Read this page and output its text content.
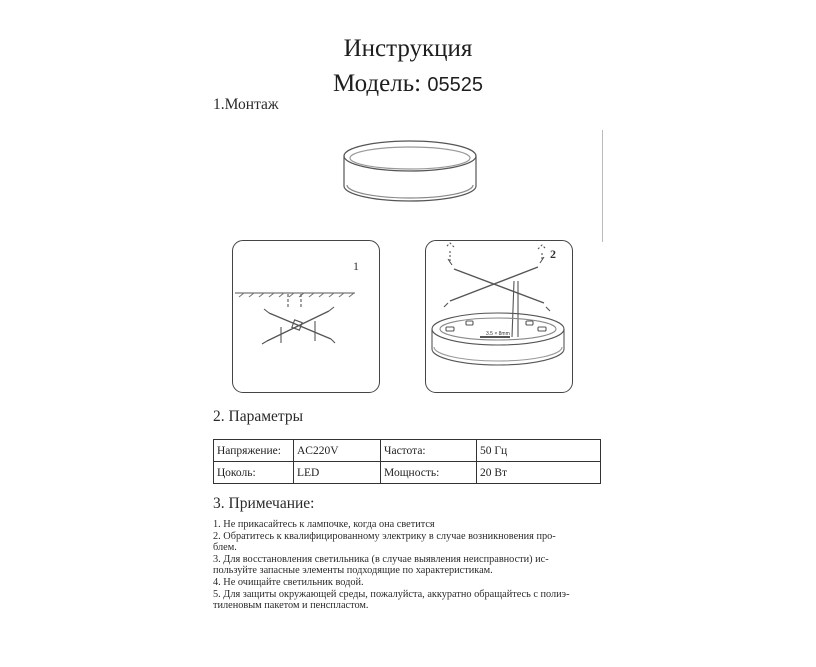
Инструкция
Модель: 05525
1.Монтаж
1
2
3.5 × 8mm
2. Параметры
Напряжение:	AC220V	Частота:	50 Гц
Цоколь:	LED	Мощность:	20 Вт
3. Примечание:
1. Не прикасайтесь к лампочке, когда она светится
2. Обратитесь к квалифицированному электрику в случае возникновения про-
блем.
3. Для восстановления светильника (в случае выявления неисправности) ис-
пользуйте запасные элементы подходящие по характеристикам.
4. Не очищайте светильник водой.
5. Для защиты окружающей среды, пожалуйста, аккуратно обращайтесь с полиэ-
тиленовым пакетом и пенспластом.
